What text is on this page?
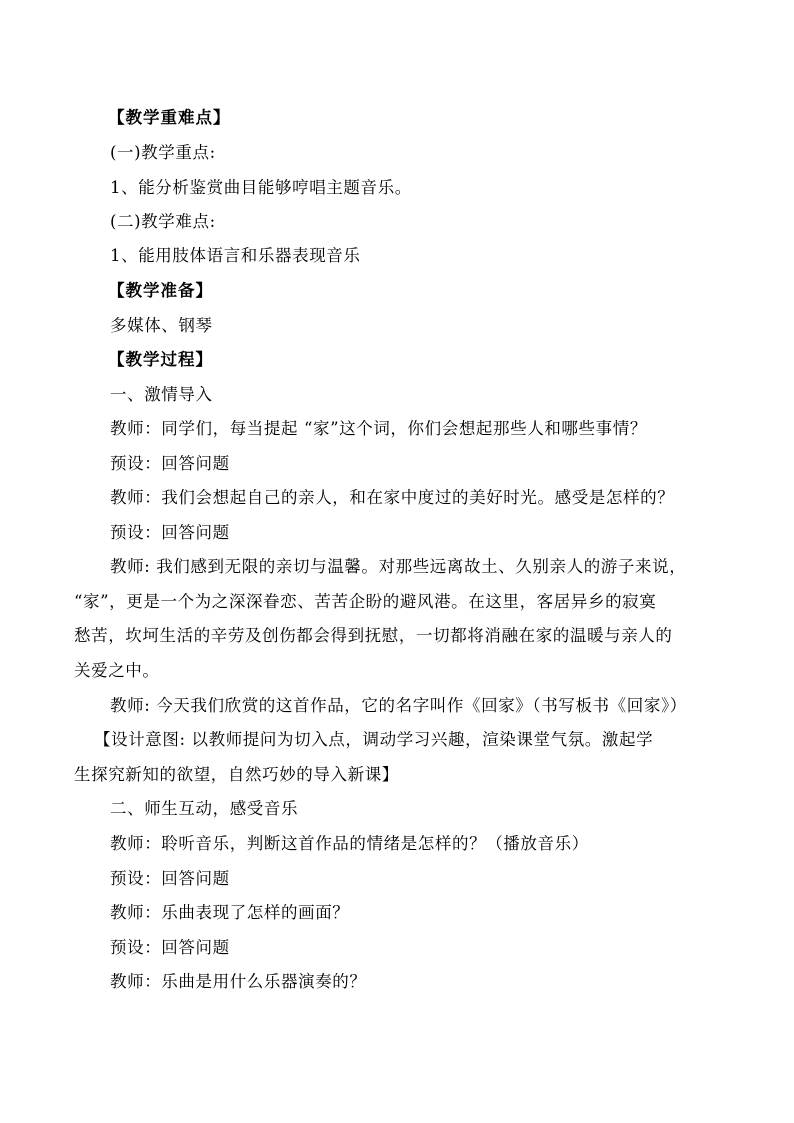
【教学重难点】
(一)教学重点:
1、能分析鉴赏曲目能够哼唱主题音乐。
(二)教学难点:
1、能用肢体语言和乐器表现音乐
【教学准备】
多媒体、钢琴
【教学过程】
一、激情导入
教师：同学们，每当提起 “家”这个词，你们会想起那些人和哪些事情？
预设：回答问题
教师：我们会想起自己的亲人，和在家中度过的美好时光。感受是怎样的？
预设：回答问题
教师: 我们感到无限的亲切与温馨。对那些远离故土、久别亲人的游子来说，
“家”，更是一个为之深深眷恋、苦苦企盼的避风港。在这里，客居异乡的寂寞
愁苦，坎坷生活的辛劳及创伤都会得到抚慰，一切都将消融在家的温暖与亲人的
关爱之中。
教师: 今天我们欣赏的这首作品，它的名字叫作《回家》（书写板书《回家》）
【设计意图: 以教师提问为切入点，调动学习兴趣，渲染课堂气氛。激起学
生探究新知的欲望，自然巧妙的导入新课】
二、师生互动，感受音乐
教师：聆听音乐，判断这首作品的情绪是怎样的？（播放音乐）
预设：回答问题
教师：乐曲表现了怎样的画面？
预设：回答问题
教师：乐曲是用什么乐器演奏的？
